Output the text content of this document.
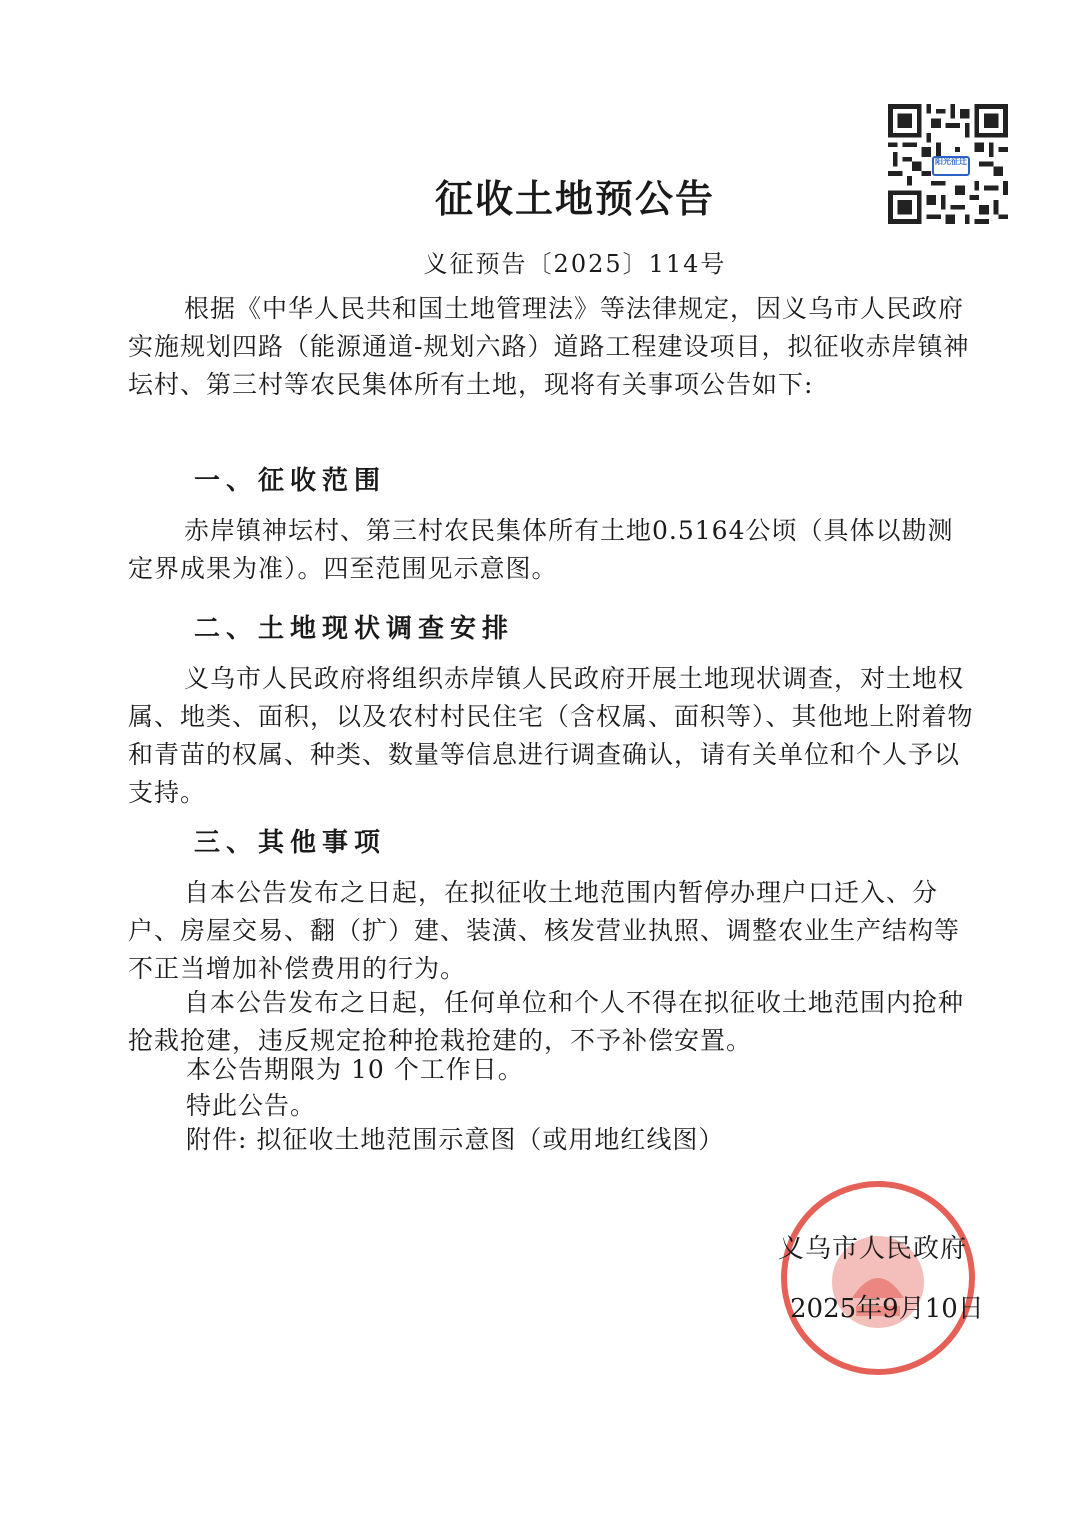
阳光征迁
征收土地预公告
义征预告〔2025〕114号

根据《中华人民共和国土地管理法》等法律规定，因义乌市人民政府实施规划四路（能源通道-规划六路）道路工程建设项目，拟征收赤岸镇神坛村、第三村等农民集体所有土地，现将有关事项公告如下:

一、征收范围

赤岸镇神坛村、第三村农民集体所有土地0.5164公顷（具体以勘测定界成果为准）。四至范围见示意图。

二、土地现状调查安排

义乌市人民政府将组织赤岸镇人民政府开展土地现状调查，对土地权属、地类、面积，以及农村村民住宅（含权属、面积等）、其他地上附着物和青苗的权属、种类、数量等信息进行调查确认，请有关单位和个人予以支持。

三、其他事项

自本公告发布之日起，在拟征收土地范围内暂停办理户口迁入、分户、房屋交易、翻（扩）建、装潢、核发营业执照、调整农业生产结构等不正当增加补偿费用的行为。

自本公告发布之日起，任何单位和个人不得在拟征收土地范围内抢种抢栽抢建，违反规定抢种抢栽抢建的，不予补偿安置。

本公告期限为 10 个工作日。

特此公告。

附件: 拟征收土地范围示意图（或用地红线图）

义乌市人民政府
2025年9月10日
